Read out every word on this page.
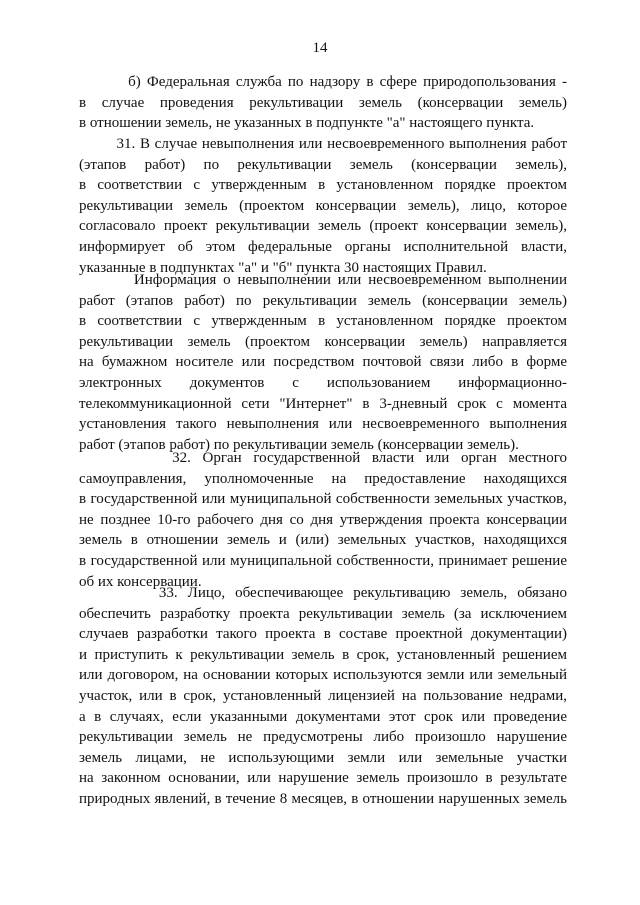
14
б) Федеральная служба по надзору в сфере природопользования -
в случае проведения рекультивации земель (консервации земель)
в отношении земель, не указанных в подпункте "а" настоящего пункта.
31. В случае невыполнения или несвоевременного выполнения работ
(этапов работ) по рекультивации земель (консервации земель),
в соответствии с утвержденным в установленном порядке проектом
рекультивации земель (проектом консервации земель), лицо, которое
согласовало проект рекультивации земель (проект консервации земель),
информирует об этом федеральные органы исполнительной власти,
указанные в подпунктах "а" и "б" пункта 30 настоящих Правил.
Информация о невыполнении или несвоевременном выполнении
работ (этапов работ) по рекультивации земель (консервации земель)
в соответствии с утвержденным в установленном порядке проектом
рекультивации земель (проектом консервации земель) направляется
на бумажном носителе или посредством почтовой связи либо в форме
электронных документов с использованием информационно-
телекоммуникационной сети "Интернет" в 3-дневный срок с момента
установления такого невыполнения или несвоевременного выполнения
работ (этапов работ) по рекультивации земель (консервации земель).
32. Орган государственной власти или орган местного
самоуправления, уполномоченные на предоставление находящихся
в государственной или муниципальной собственности земельных участков,
не позднее 10-го рабочего дня со дня утверждения проекта консервации
земель в отношении земель и (или) земельных участков, находящихся
в государственной или муниципальной собственности, принимает решение
об их консервации.
33. Лицо, обеспечивающее рекультивацию земель, обязано
обеспечить разработку проекта рекультивации земель (за исключением
случаев разработки такого проекта в составе проектной документации)
и приступить к рекультивации земель в срок, установленный решением
или договором, на основании которых используются земли или земельный
участок, или в срок, установленный лицензией на пользование недрами,
а в случаях, если указанными документами этот срок или проведение
рекультивации земель не предусмотрены либо произошло нарушение
земель лицами, не использующими земли или земельные участки
на законном основании, или нарушение земель произошло в результате
природных явлений, в течение 8 месяцев, в отношении нарушенных земель
